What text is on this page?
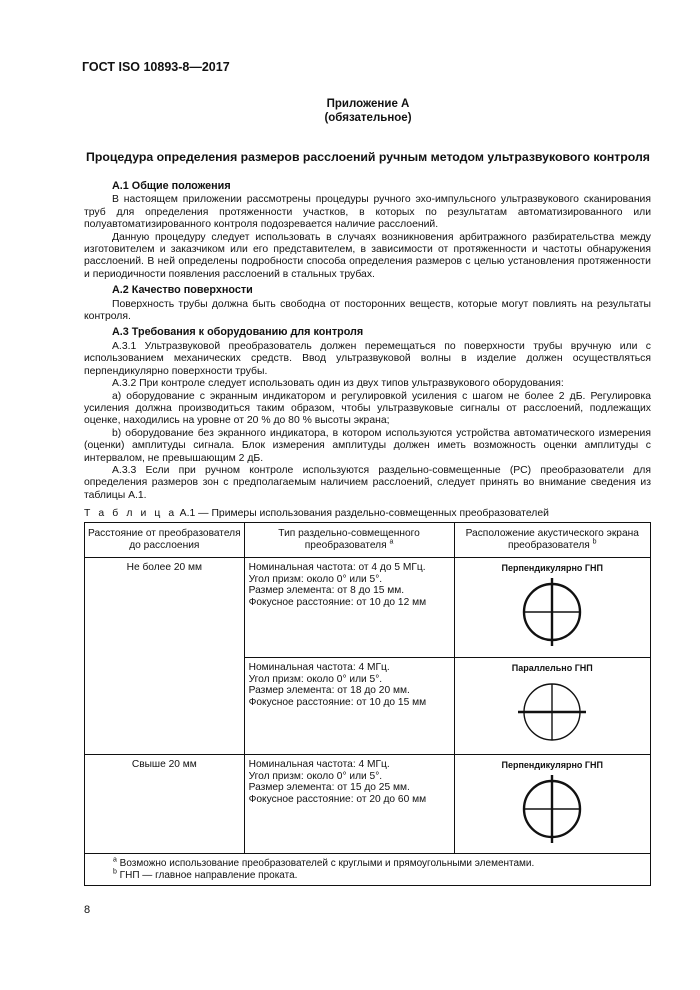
ГОСТ ISO 10893-8—2017
Приложение А
(обязательное)
Процедура определения размеров расслоений ручным методом ультразвукового контроля
А.1 Общие положения

В настоящем приложении рассмотрены процедуры ручного эхо-импульсного ультразвукового сканирования труб для определения протяженности участков, в которых по результатам автоматизированного или полуавтоматизированного контроля подозревается наличие расслоений.

Данную процедуру следует использовать в случаях возникновения арбитражного разбирательства между изготовителем и заказчиком или его представителем, в зависимости от протяженности и частоты обнаружения расслоений. В ней определены подробности способа определения размеров с целью установления протяженности и периодичности появления расслоений в стальных трубах.

А.2 Качество поверхности

Поверхность трубы должна быть свободна от посторонних веществ, которые могут повлиять на результаты контроля.

А.3 Требования к оборудованию для контроля

А.3.1 Ультразвуковой преобразователь должен перемещаться по поверхности трубы вручную или с использованием механических средств. Ввод ультразвуковой волны в изделие должен осуществляться перпендикулярно поверхности трубы.

А.3.2 При контроле следует использовать один из двух типов ультразвукового оборудования:

а) оборудование с экранным индикатором и регулировкой усиления с шагом не более 2 дБ. Регулировка усиления должна производиться таким образом, чтобы ультразвуковые сигналы от расслоений, подлежащих оценке, находились на уровне от 20 % до 80 % высоты экрана;

b) оборудование без экранного индикатора, в котором используются устройства автоматического измерения (оценки) амплитуды сигнала. Блок измерения амплитуды должен иметь возможность оценки амплитуды с интервалом, не превышающим 2 дБ.

А.3.3 Если при ручном контроле используются раздельно-совмещенные (РС) преобразователи для определения размеров зон с предполагаемым наличием расслоений, следует принять во внимание сведения из таблицы А.1.

Т а б л и ц а А.1 — Примеры использования раздельно-совмещенных преобразователей
Расстояние от преобразователя до расслоения	Тип раздельно-совмещенного преобразователя $^a$	Расположение акустического экрана преобразователя $^b$
Не более 20 мм	Номинальная частота: от 4 до 5 МГц.
Угол призм: около 0° или 5°.
Размер элемента: от 8 до 15 мм.
Фокусное расстояние: от 10 до 12 мм	Перпендикулярно ГНП

	Номинальная частота: 4 МГц.
Угол призм: около 0° или 5°.
Размер элемента: от 18 до 20 мм.
Фокусное расстояние: от 10 до 15 мм	Параллельно ГНП

Свыше 20 мм	Номинальная частота: 4 МГц.
Угол призм: около 0° или 5°.
Размер элемента: от 15 до 25 мм.
Фокусное расстояние: от 20 до 60 мм	Перпендикулярно ГНП

$^a$ Возможно использование преобразователей с круглыми и прямоугольными элементами.
$^b$ ГНП — главное направление проката.		
8
